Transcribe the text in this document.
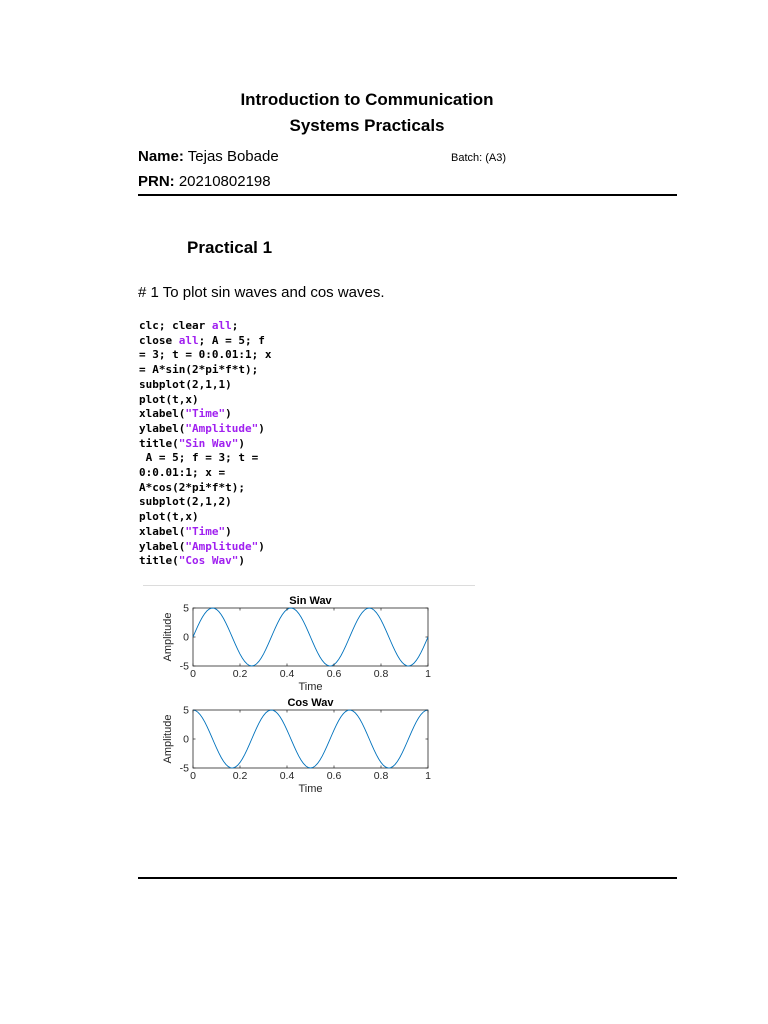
Introduction to Communication
Systems Practicals
Name: Tejas Bobade	Batch: (A3)
PRN: 20210802198
Practical 1
# 1 To plot sin waves and cos waves.
clc; clear all;
close all; A = 5; f
= 3; t = 0:0.01:1; x
= A*sin(2*pi*f*t);
subplot(2,1,1)
plot(t,x)
xlabel("Time")
ylabel("Amplitude")
title("Sin Wav")
A = 5; f = 3; t =
0:0.01:1; x =
A*cos(2*pi*f*t);
subplot(2,1,2)
plot(t,x)
xlabel("Time")
ylabel("Amplitude")
title("Cos Wav")
0	0.2	0.4	0.6	0.8	1
5
0
-5
Sin Wav
Time
Amplitude
0	0.2	0.4	0.6	0.8	1
5
0
-5
Cos Wav
Time
Amplitude
